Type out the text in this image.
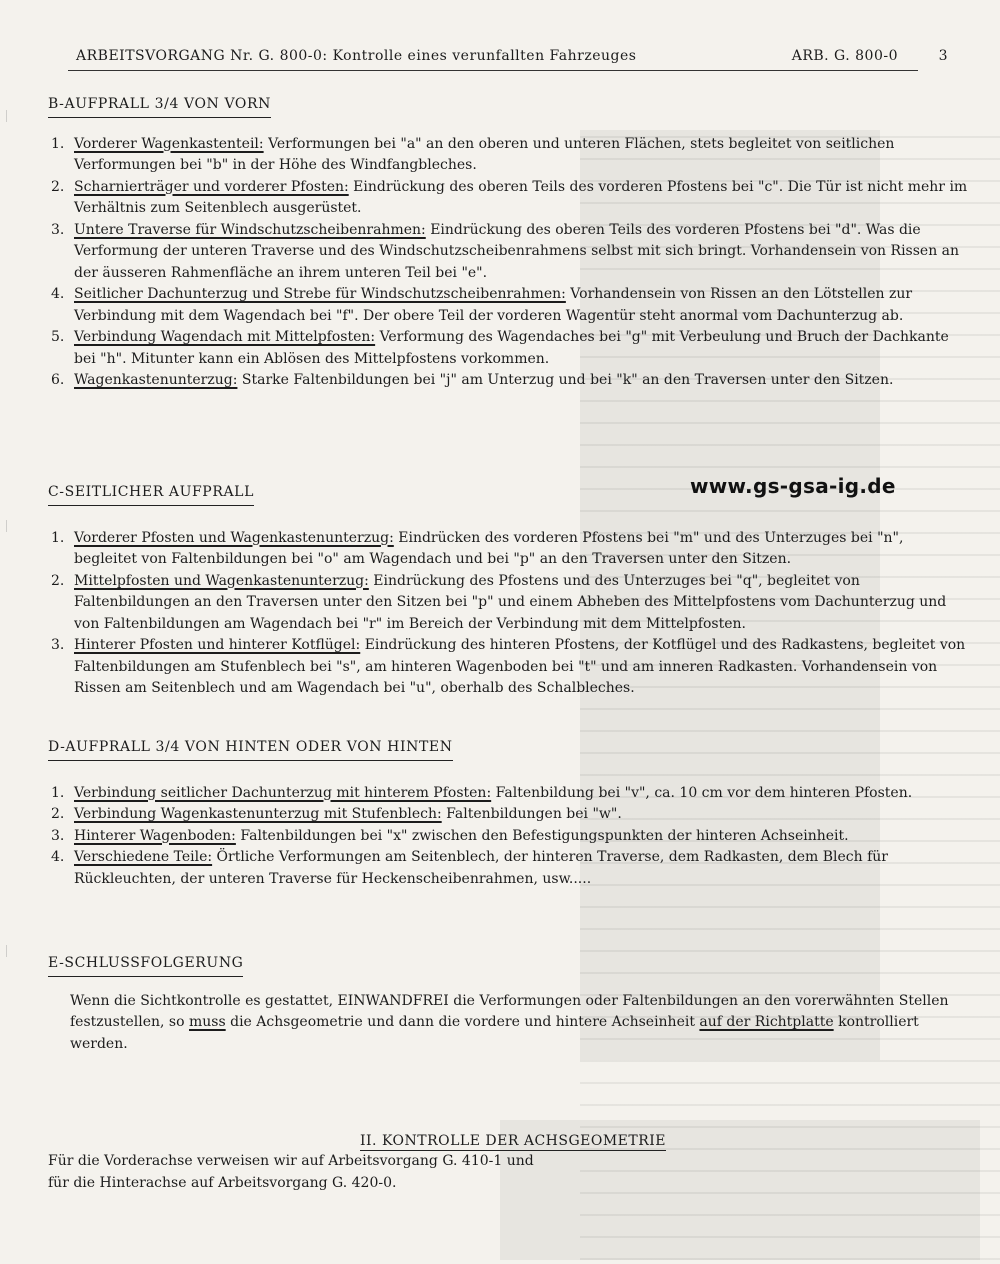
ARBEITSVORGANG Nr. G. 800-0: Kontrolle eines verunfallten Fahrzeuges	ARB. G. 800-0	3
B-AUFPRALL 3/4 VON VORN
1. Vorderer Wagenkastenteil: Verformungen bei "a" an den oberen und unteren Flächen, stets begleitet von seitlichen Verformungen bei "b" in der Höhe des Windfangbleches.
2. Scharnierträger und vorderer Pfosten: Eindrückung des oberen Teils des vorderen Pfostens bei "c". Die Tür ist nicht mehr im Verhältnis zum Seitenblech ausgerüstet.
3. Untere Traverse für Windschutzscheibenrahmen: Eindrückung des oberen Teils des vorderen Pfostens bei "d". Was die Verformung der unteren Traverse und des Windschutzscheibenrahmens selbst mit sich bringt. Vorhandensein von Rissen an der äusseren Rahmenfläche an ihrem unteren Teil bei "e".
4. Seitlicher Dachunterzug und Strebe für Windschutzscheibenrahmen: Vorhandensein von Rissen an den Lötstellen zur Verbindung mit dem Wagendach bei "f". Der obere Teil der vorderen Wagentür steht anormal vom Dachunterzug ab.
5. Verbindung Wagendach mit Mittelpfosten: Verformung des Wagendaches bei "g" mit Verbeulung und Bruch der Dachkante bei "h". Mitunter kann ein Ablösen des Mittelpfostens vorkommen.
6. Wagenkastenunterzug: Starke Faltenbildungen bei "j" am Unterzug und bei "k" an den Traversen unter den Sitzen.
www.gs-gsa-ig.de
C-SEITLICHER AUFPRALL
1. Vorderer Pfosten und Wagenkastenunterzug: Eindrücken des vorderen Pfostens bei "m" und des Unterzuges bei "n", begleitet von Faltenbildungen bei "o" am Wagendach und bei "p" an den Traversen unter den Sitzen.
2. Mittelpfosten und Wagenkastenunterzug: Eindrückung des Pfostens und des Unterzuges bei "q", begleitet von Faltenbildungen an den Traversen unter den Sitzen bei "p" und einem Abheben des Mittelpfostens vom Dachunterzug und von Faltenbildungen am Wagendach bei "r" im Bereich der Verbindung mit dem Mittelpfosten.
3. Hinterer Pfosten und hinterer Kotflügel: Eindrückung des hinteren Pfostens, der Kotflügel und des Radkastens, begleitet von Faltenbildungen am Stufenblech bei "s", am hinteren Wagenboden bei "t" und am inneren Radkasten. Vorhandensein von Rissen am Seitenblech und am Wagendach bei "u", oberhalb des Schalbleches.
D-AUFPRALL 3/4 VON HINTEN ODER VON HINTEN
1. Verbindung seitlicher Dachunterzug mit hinterem Pfosten: Faltenbildung bei "v", ca. 10 cm vor dem hinteren Pfosten.
2. Verbindung Wagenkastenunterzug mit Stufenblech: Faltenbildungen bei "w".
3. Hinterer Wagenboden: Faltenbildungen bei "x" zwischen den Befestigungspunkten der hinteren Achseinheit.
4. Verschiedene Teile: Örtliche Verformungen am Seitenblech, der hinteren Traverse, dem Radkasten, dem Blech für Rückleuchten, der unteren Traverse für Heckenscheibenrahmen, usw.....
E-SCHLUSSFOLGERUNG
Wenn die Sichtkontrolle es gestattet, EINWANDFREI die Verformungen oder Faltenbildungen an den vorerwähnten Stellen festzustellen, so muss die Achsgeometrie und dann die vordere und hintere Achseinheit auf der Richtplatte kontrolliert werden.
II. KONTROLLE DER ACHSGEOMETRIE
Für die Vorderachse verweisen wir auf Arbeitsvorgang G. 410-1 und
für die Hinterachse auf Arbeitsvorgang G. 420-0.
